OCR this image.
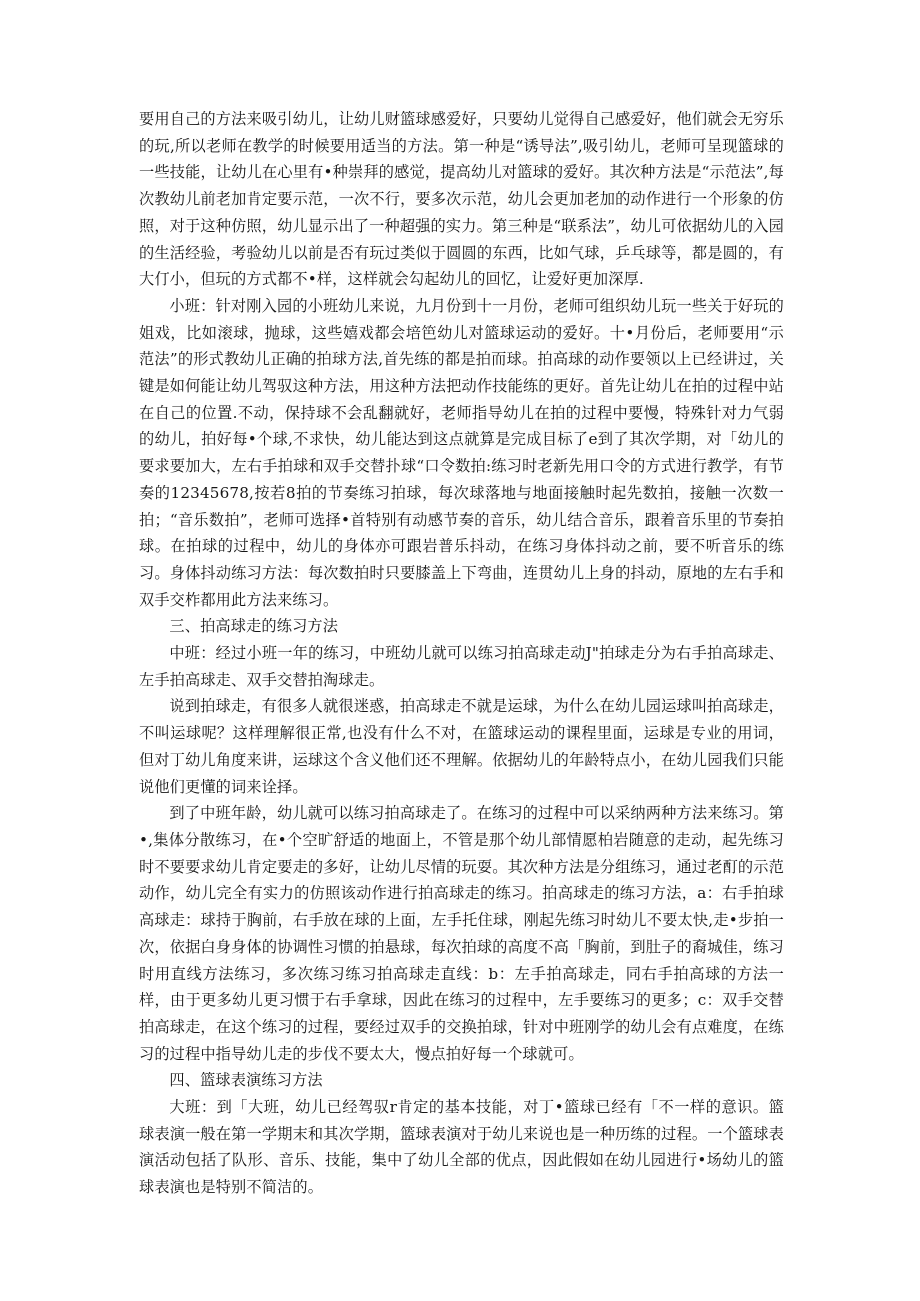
要用自己的方法来吸引幼儿，让幼儿财篮球感爱好，只要幼儿觉得自己感爱好，他们就会无穷乐的玩,所以老师在教学的时候要用适当的方法。第一种是“诱导法”,吸引幼儿，老师可呈现篮球的一些技能，让幼儿在心里有•种崇拜的感觉，提高幼儿对篮球的爱好。其次种方法是“示范法”,每次教幼儿前老加肯定要示范，一次不行，要多次示范，幼儿会更加老加的动作进行一个形象的仿照，对于这种仿照，幼儿显示出了一种超强的实力。第三种是“联系法”，幼儿可依据幼儿的入园的生活经验，考验幼儿以前是否有玩过类似于圆圆的东西，比如气球，乒乓球等，都是圆的，有大仃小，但玩的方式都不•样，这样就会勾起幼儿的回忆，让爱好更加深厚.

小班：针对刚入园的小班幼儿来说，九月份到十一月份，老师可组织幼儿玩一些关于好玩的姐戏，比如滚球，抛球，这些嬉戏都会培笆幼儿对篮球运动的爱好。十•月份后，老师要用“示范法”的形式教幼儿正确的拍球方法,首先练的都是拍而球。拍高球的动作要领以上已经讲过，关键是如何能让幼儿驾驭这种方法，用这种方法把动作技能练的更好。首先让幼儿在拍的过程中站在自己的位置.不动，保持球不会乱翻就好，老师指导幼儿在拍的过程中要慢，特殊针对力气弱的幼儿，拍好每•个球,不求快，幼儿能达到这点就算是完成目标了e到了其次学期，对「幼儿的要求要加大，左右手拍球和双手交替扑球“口令数拍:练习时老新先用口令的方式进行教学，有节奏的12345678,按若8拍的节奏练习拍球，每次球落地与地面接触时起先数拍，接触一次数一拍；“音乐数拍”，老师可选择•首特别有动感节奏的音乐，幼儿结合音乐，跟着音乐里的节奏拍球。在拍球的过程中，幼儿的身体亦可跟岩普乐抖动，在练习身体抖动之前，要不听音乐的练习。身体抖动练习方法：每次数拍时只要膝盖上下弯曲，连贯幼儿上身的抖动，原地的左右手和双手交柞都用此方法来练习。

三、拍高球走的练习方法

中班：经过小班一年的练习，中班幼儿就可以练习拍高球走动J"拍球走分为右手拍高球走、左手拍高球走、双手交替拍淘球走。

说到拍球走，有很多人就很迷惑，拍高球走不就是运球，为什么在幼儿园运球叫拍高球走，不叫运球呢？这样理解很正常,也没有什么不对，在篮球运动的课程里面，运球是专业的用词，但对丁幼儿角度来讲，运球这个含义他们还不理解。依据幼儿的年龄特点小，在幼儿园我们只能说他们更懂的词来诠择。

到了中班年龄，幼儿就可以练习拍高球走了。在练习的过程中可以采纳两种方法来练习。第•,集体分散练习，在•个空旷舒适的地面上，不管是那个幼儿部情愿柏岩随意的走动，起先练习时不要要求幼儿肯定要走的多好，让幼儿尽情的玩耍。其次种方法是分组练习，通过老酊的示范动作，幼儿完全有实力的仿照该动作进行拍高球走的练习。拍高球走的练习方法，a：右手拍球高球走：球持于胸前，右手放在球的上面，左手托住球，刚起先练习时幼儿不要太快,走•步拍一次，依据白身身体的协调性习惯的拍悬球，每次拍球的高度不高「胸前，到肚子的裔城佳，练习时用直线方法练习，多次练习练习拍高球走直线：b：左手拍高球走，同右手拍高球的方法一样，由于更多幼儿更习惯于右手拿球，因此在练习的过程中，左手要练习的更多；c：双手交替拍高球走，在这个练习的过程，要经过双手的交换拍球，针对中班刚学的幼儿会有点难度，在练习的过程中指导幼儿走的步伐不要太大，慢点拍好每一个球就可。

四、篮球表演练习方法

大班：到「大班，幼儿已经驾驭r肯定的基本技能，对丁•篮球已经有「不一样的意识。篮球表演一般在第一学期末和其次学期，篮球表演对于幼儿来说也是一种历练的过程。一个篮球表演活动包括了队形、音乐、技能，集中了幼儿全部的优点，因此假如在幼儿园进行•场幼儿的篮球表演也是特别不简洁的。
